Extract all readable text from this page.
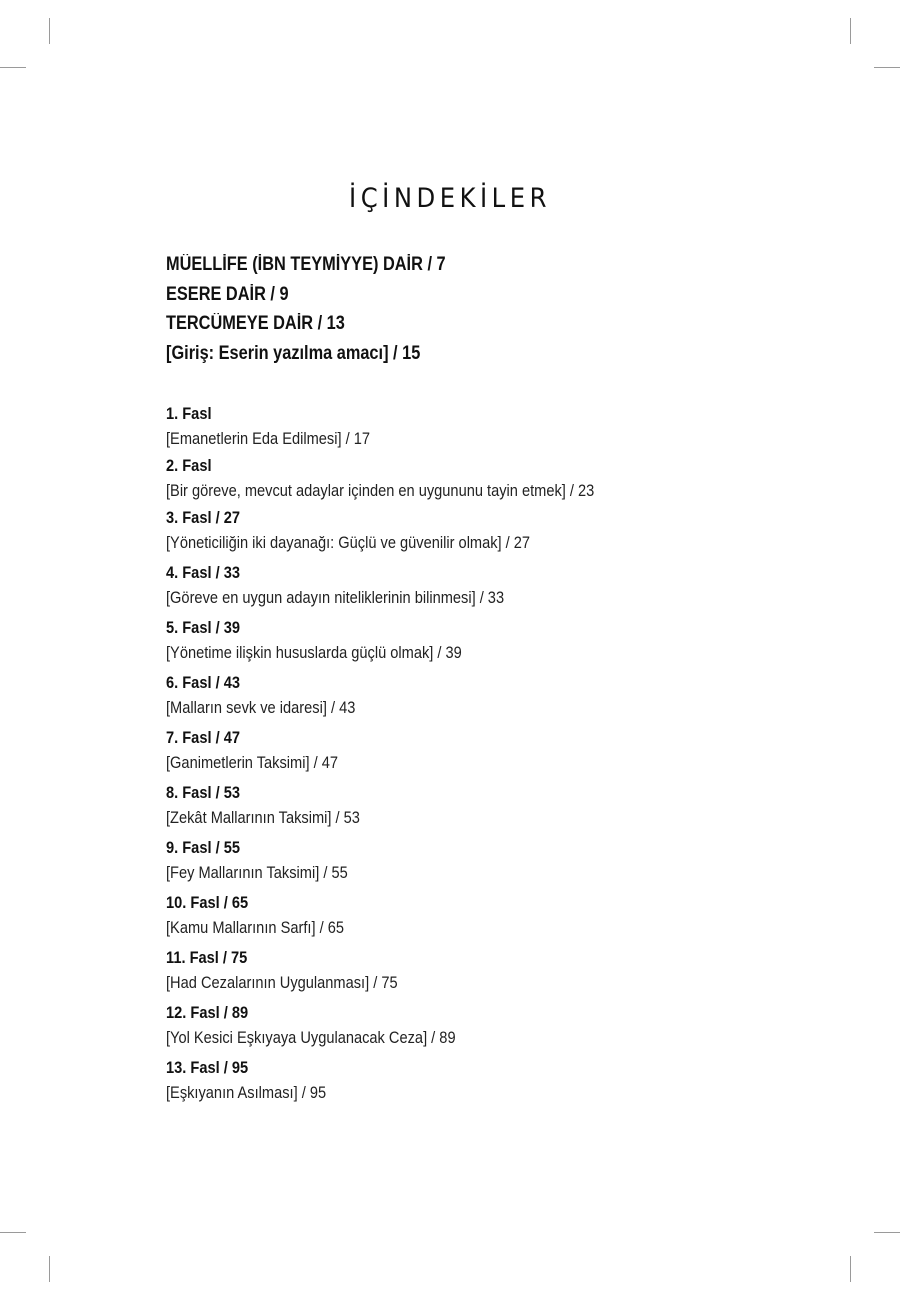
İÇİNDEKİLER
MÜELLİFE (İBN TEYMİYYE) DAİR / 7
ESERE DAİR / 9
TERCÜMEYE DAİR / 13
[Giriş: Eserin yazılma amacı] / 15
1. Fasl
[Emanetlerin Eda Edilmesi] / 17
2. Fasl
[Bir göreve, mevcut adaylar içinden en uygununu tayin etmek] / 23
3. Fasl / 27
[Yöneticiliğin iki dayanağı: Güçlü ve güvenilir olmak] / 27
4. Fasl / 33
[Göreve en uygun adayın niteliklerinin bilinmesi] / 33
5. Fasl / 39
[Yönetime ilişkin hususlarda güçlü olmak] / 39
6. Fasl / 43
[Malların sevk ve idaresi] / 43
7. Fasl / 47
[Ganimetlerin Taksimi] / 47
8. Fasl / 53
[Zekât Mallarının Taksimi] / 53
9. Fasl / 55
[Fey Mallarının Taksimi] / 55
10. Fasl / 65
[Kamu Mallarının Sarfı] / 65
11. Fasl / 75
[Had Cezalarının Uygulanması] / 75
12. Fasl / 89
[Yol Kesici Eşkıyaya Uygulanacak Ceza] / 89
13. Fasl / 95
[Eşkıyanın Asılması] / 95
